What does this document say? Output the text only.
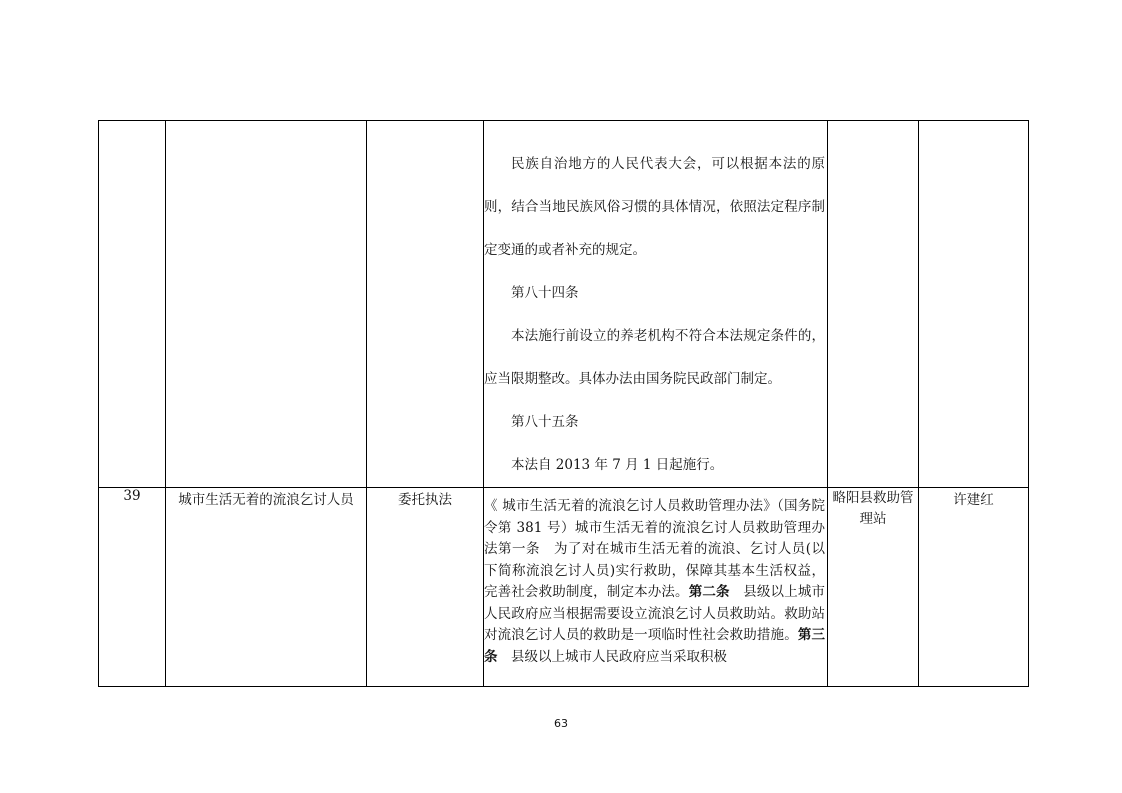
			民族自治地方的人民代表大会，可以根据本法的原则，结合当地民族风俗习惯的具体情况，依照法定程序制定变通的或者补充的规定。

第八十四条

本法施行前设立的养老机构不符合本法规定条件的，应当限期整改。具体办法由国务院民政部门制定。

第八十五条

本法自 2013 年 7 月 1 日起施行。		

39	城市生活无着的流浪乞讨人员	委托执法	《 城市生活无着的流浪乞讨人员救助管理办法》（国务院令第 381 号）城市生活无着的流浪乞讨人员救助管理办法第一条　为了对在城市生活无着的流浪、乞讨人员(以下简称流浪乞讨人员)实行救助，保障其基本生活权益，完善社会救助制度，制定本办法。第二条　县级以上城市人民政府应当根据需要设立流浪乞讨人员救助站。救助站对流浪乞讨人员的救助是一项临时性社会救助措施。第三条　县级以上城市人民政府应当采取积极	略阳县救助管理站	许建红
63
